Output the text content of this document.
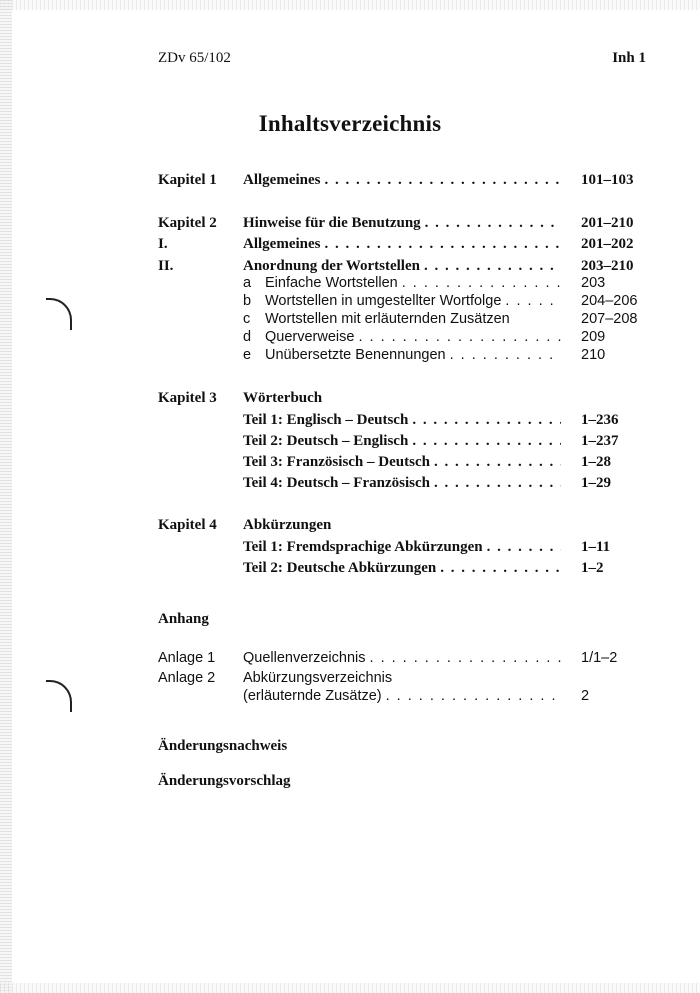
ZDv 65/102	Inh 1
Inhaltsverzeichnis
Kapitel 1 Allgemeines . . .	101–103
Kapitel 2 Hinweise für die Benutzung . . .	201–210
I.	Allgemeines . . .	201–202
II.	Anordnung der Wortstellen . . .	203–210
a Einfache Wortstellen . . .	203
b Wortstellen in umgestellter Wortfolge . . .	204–206
c Wortstellen mit erläuternden Zusätzen	207–208
d Querverweise . . .	209
e Unübersetzte Benennungen . . .	210
Kapitel 3 Wörterbuch
Teil 1: Englisch – Deutsch . . .	1–236
Teil 2: Deutsch – Englisch . . .	1–237
Teil 3: Französisch – Deutsch . . .	1–28
Teil 4: Deutsch – Französisch . . .	1–29
Kapitel 4 Abkürzungen
Teil 1: Fremdsprachige Abkürzungen . . .	1–11
Teil 2: Deutsche Abkürzungen . . .	1–2
Anhang
Anlage 1 Quellenverzeichnis . . .	1/1–2
Anlage 2 Abkürzungsverzeichnis
(erläuternde Zusätze) . . .	2
Änderungsnachweis
Änderungsvorschlag
